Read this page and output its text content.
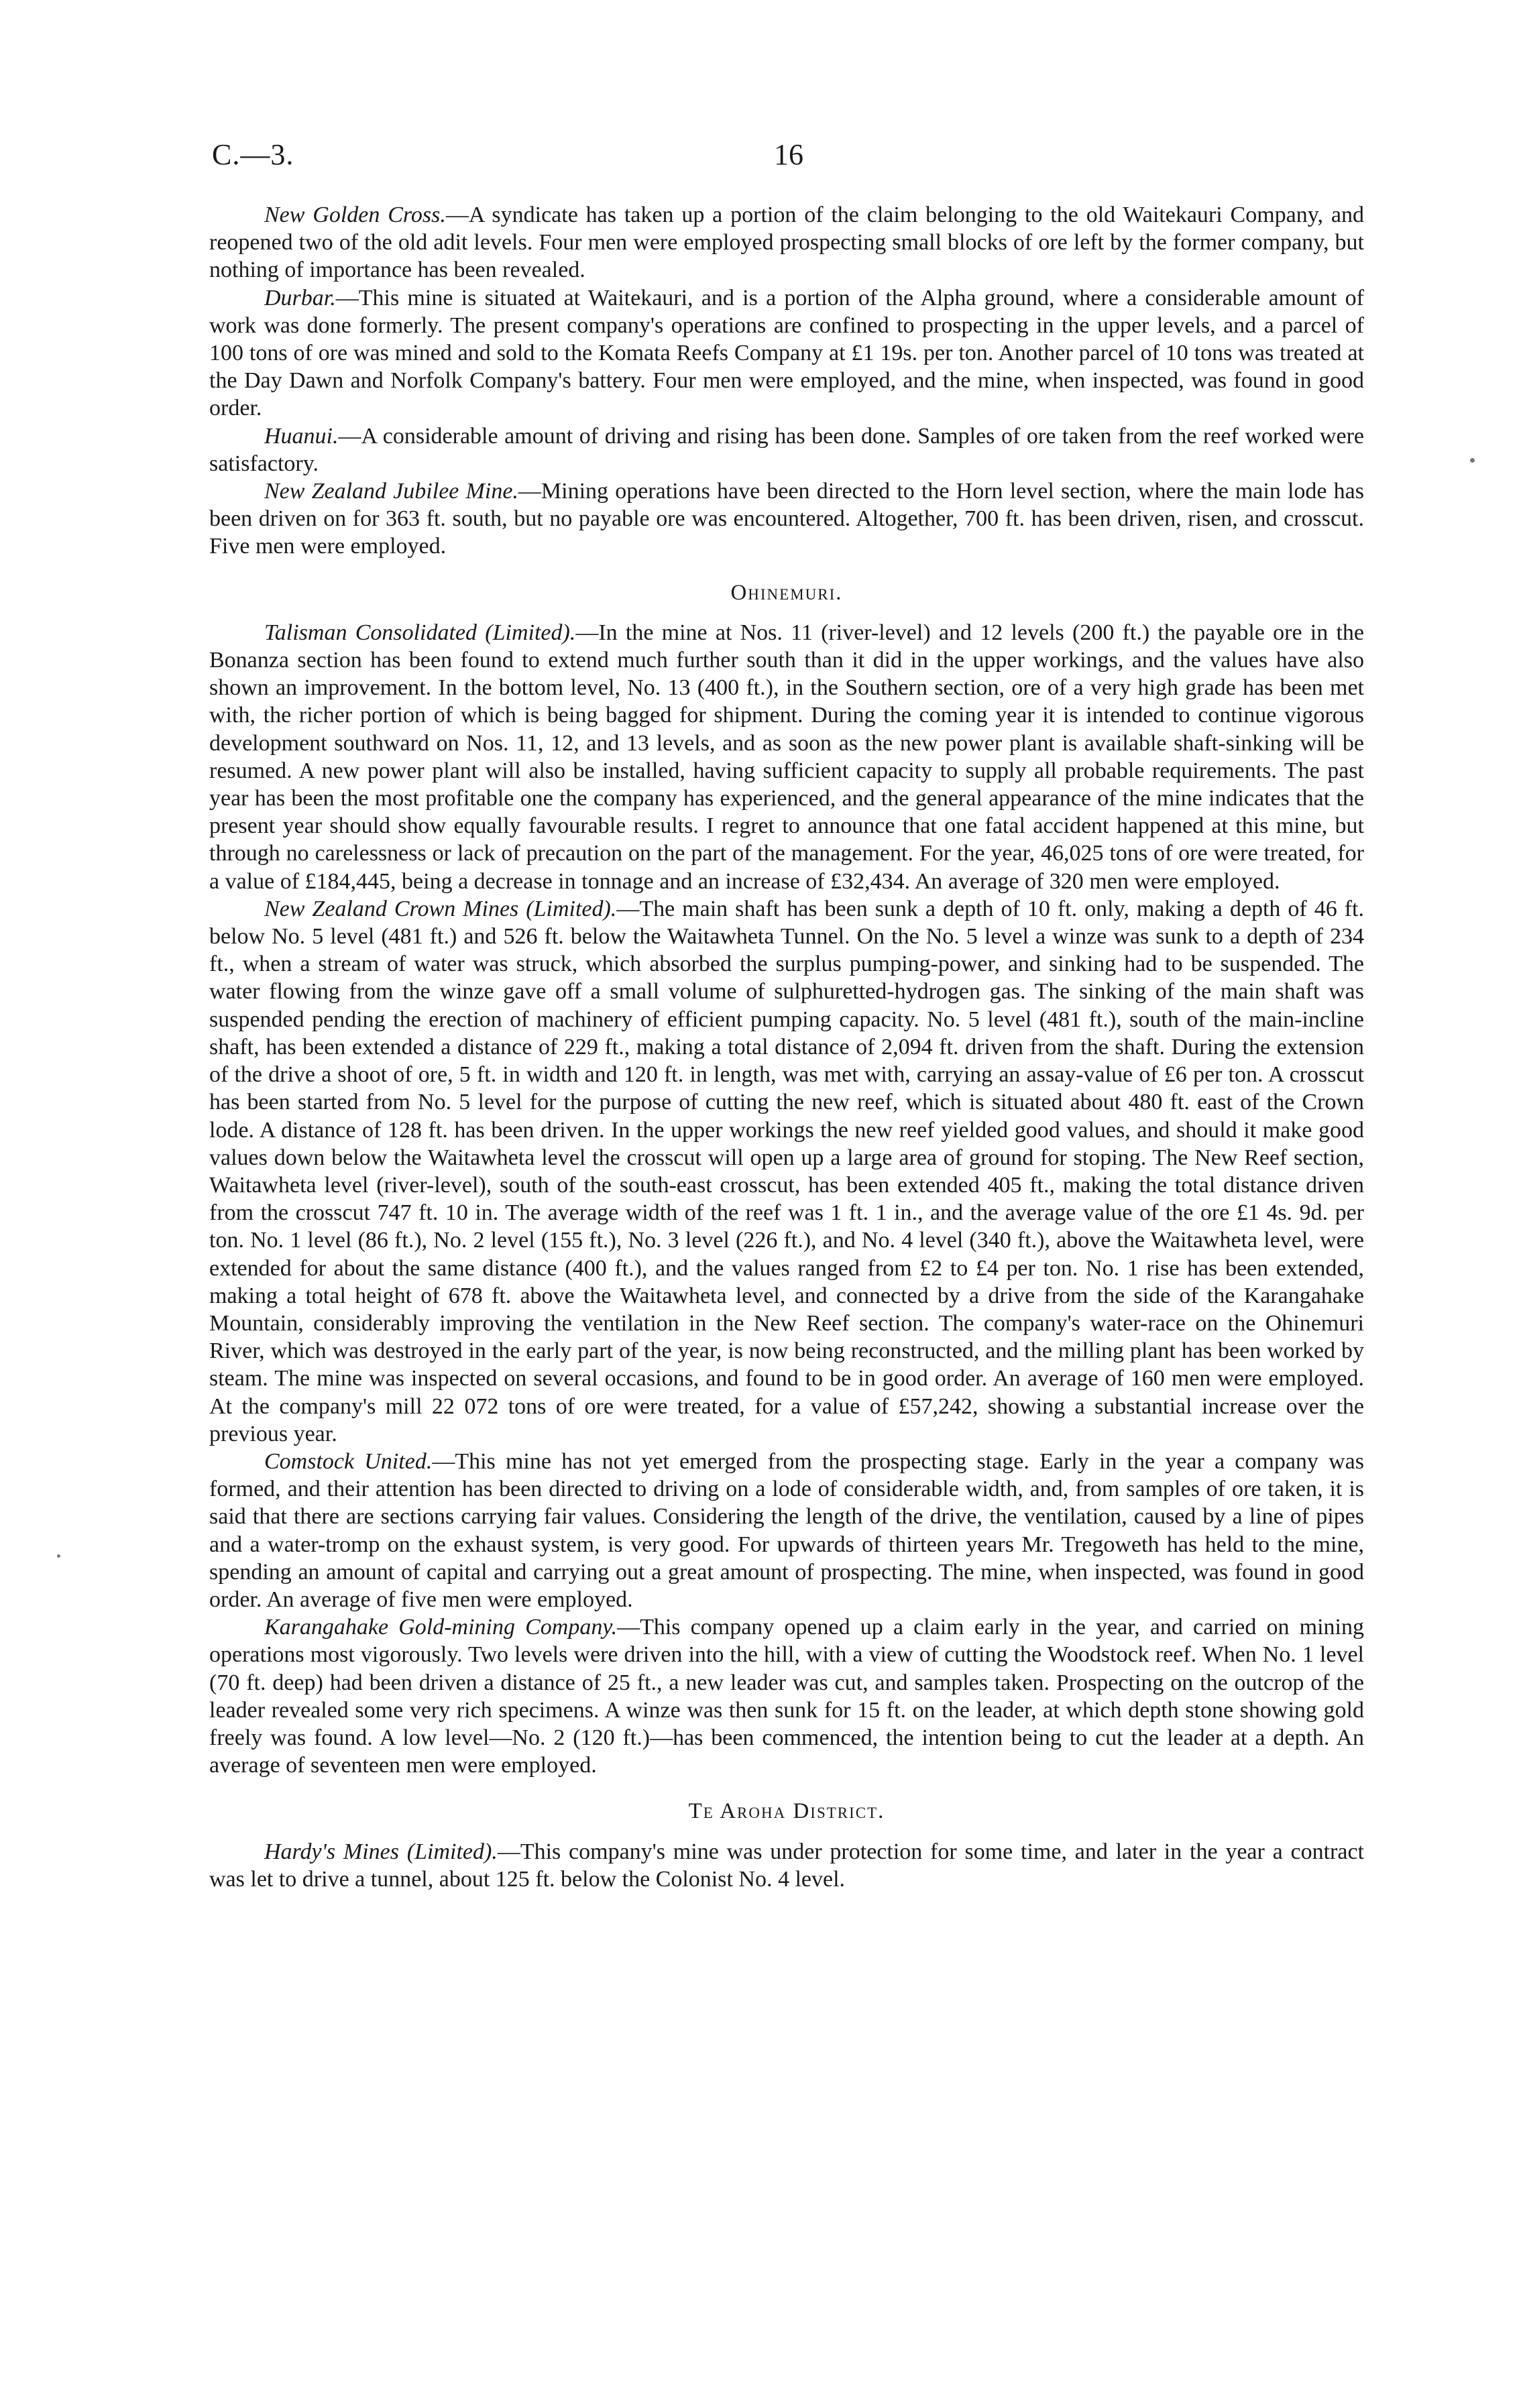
C.—3.	16

New Golden Cross.—A syndicate has taken up a portion of the claim belonging to the old Waitekauri Company, and reopened two of the old adit levels. Four men were employed prospecting small blocks of ore left by the former company, but nothing of importance has been revealed.

Durbar.—This mine is situated at Waitekauri, and is a portion of the Alpha ground, where a considerable amount of work was done formerly. The present company's operations are confined to prospecting in the upper levels, and a parcel of 100 tons of ore was mined and sold to the Komata Reefs Company at £1 19s. per ton. Another parcel of 10 tons was treated at the Day Dawn and Norfolk Company's battery. Four men were employed, and the mine, when inspected, was found in good order.

Huanui.—A considerable amount of driving and rising has been done. Samples of ore taken from the reef worked were satisfactory.

New Zealand Jubilee Mine.—Mining operations have been directed to the Horn level section, where the main lode has been driven on for 363 ft. south, but no payable ore was encountered. Altogether, 700 ft. has been driven, risen, and crosscut. Five men were employed.

Ohinemuri.

Talisman Consolidated (Limited).—In the mine at Nos. 11 (river-level) and 12 levels (200 ft.) the payable ore in the Bonanza section has been found to extend much further south than it did in the upper workings, and the values have also shown an improvement. In the bottom level, No. 13 (400 ft.), in the Southern section, ore of a very high grade has been met with, the richer portion of which is being bagged for shipment. During the coming year it is intended to continue vigorous development southward on Nos. 11, 12, and 13 levels, and as soon as the new power plant is available shaft-sinking will be resumed. A new power plant will also be installed, having sufficient capacity to supply all probable requirements. The past year has been the most profitable one the company has experienced, and the general appearance of the mine indicates that the present year should show equally favourable results. I regret to announce that one fatal accident happened at this mine, but through no carelessness or lack of precaution on the part of the management. For the year, 46,025 tons of ore were treated, for a value of £184,445, being a decrease in tonnage and an increase of £32,434. An average of 320 men were employed.

New Zealand Crown Mines (Limited).—The main shaft has been sunk a depth of 10 ft. only, making a depth of 46 ft. below No. 5 level (481 ft.) and 526 ft. below the Waitawheta Tunnel. On the No. 5 level a winze was sunk to a depth of 234 ft., when a stream of water was struck, which absorbed the surplus pumping-power, and sinking had to be suspended. The water flowing from the winze gave off a small volume of sulphuretted-hydrogen gas. The sinking of the main shaft was suspended pending the erection of machinery of efficient pumping capacity. No. 5 level (481 ft.), south of the main-incline shaft, has been extended a distance of 229 ft., making a total distance of 2,094 ft. driven from the shaft. During the extension of the drive a shoot of ore, 5 ft. in width and 120 ft. in length, was met with, carrying an assay-value of £6 per ton. A crosscut has been started from No. 5 level for the purpose of cutting the new reef, which is situated about 480 ft. east of the Crown lode. A distance of 128 ft. has been driven. In the upper workings the new reef yielded good values, and should it make good values down below the Waitawheta level the crosscut will open up a large area of ground for stoping. The New Reef section, Waitawheta level (river-level), south of the south-east crosscut, has been extended 405 ft., making the total distance driven from the crosscut 747 ft. 10 in. The average width of the reef was 1 ft. 1 in., and the average value of the ore £1 4s. 9d. per ton. No. 1 level (86 ft.), No. 2 level (155 ft.), No. 3 level (226 ft.), and No. 4 level (340 ft.), above the Waitawheta level, were extended for about the same distance (400 ft.), and the values ranged from £2 to £4 per ton. No. 1 rise has been extended, making a total height of 678 ft. above the Waitawheta level, and connected by a drive from the side of the Karangahake Mountain, considerably improving the ventilation in the New Reef section. The company's water-race on the Ohinemuri River, which was destroyed in the early part of the year, is now being reconstructed, and the milling plant has been worked by steam. The mine was inspected on several occasions, and found to be in good order. An average of 160 men were employed. At the company's mill 22 072 tons of ore were treated, for a value of £57,242, showing a substantial increase over the previous year.

Comstock United.—This mine has not yet emerged from the prospecting stage. Early in the year a company was formed, and their attention has been directed to driving on a lode of considerable width, and, from samples of ore taken, it is said that there are sections carrying fair values. Considering the length of the drive, the ventilation, caused by a line of pipes and a water-tromp on the exhaust system, is very good. For upwards of thirteen years Mr. Tregoweth has held to the mine, spending an amount of capital and carrying out a great amount of prospecting. The mine, when inspected, was found in good order. An average of five men were employed.

Karangahake Gold-mining Company.—This company opened up a claim early in the year, and carried on mining operations most vigorously. Two levels were driven into the hill, with a view of cutting the Woodstock reef. When No. 1 level (70 ft. deep) had been driven a distance of 25 ft., a new leader was cut, and samples taken. Prospecting on the outcrop of the leader revealed some very rich specimens. A winze was then sunk for 15 ft. on the leader, at which depth stone showing gold freely was found. A low level—No. 2 (120 ft.)—has been commenced, the intention being to cut the leader at a depth. An average of seventeen men were employed.

Te Aroha District.

Hardy's Mines (Limited).—This company's mine was under protection for some time, and later in the year a contract was let to drive a tunnel, about 125 ft. below the Colonist No. 4 level.
